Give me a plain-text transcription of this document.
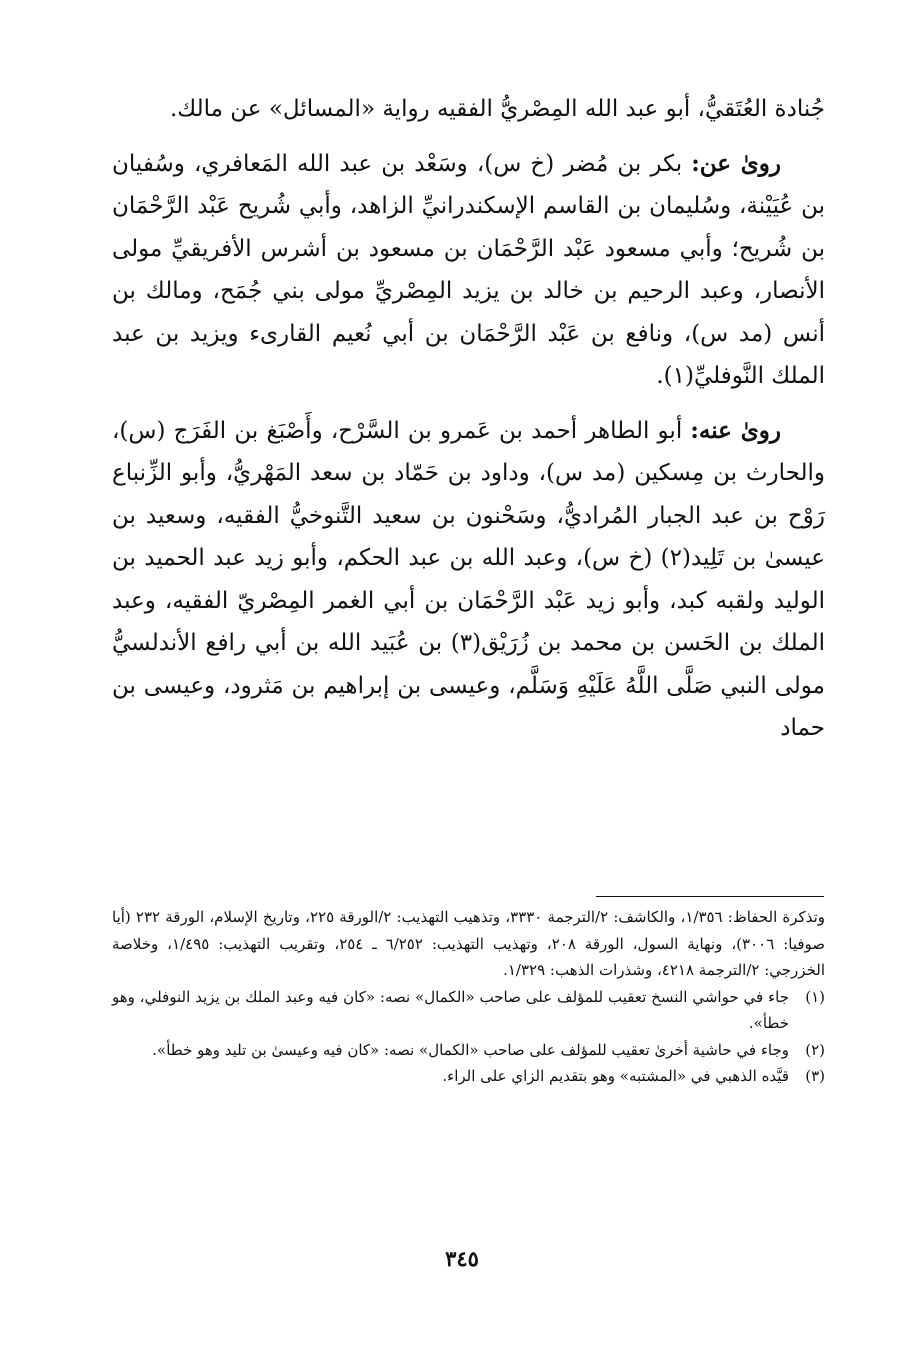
جُنادة العُتَقيُّ، أبو عبد الله المِصْريُّ الفقيه رواية «المسائل» عن مالك.

روىٰ عن: بكر بن مُضر (خ س)، وسَعْد بن عبد الله المَعافري، وسُفيان بن عُيَيْنة، وسُليمان بن القاسم الإسكندرانيِّ الزاهد، وأبي شُريح عَبْد الرَّحْمَان بن شُريح؛ وأبي مسعود عَبْد الرَّحْمَان بن مسعود بن أشرس الأفريقيِّ مولى الأنصار، وعبد الرحيم بن خالد بن يزيد المِصْريِّ مولى بني جُمَح، ومالك بن أنس (مد س)، ونافع بن عَبْد الرَّحْمَان بن أبي نُعيم القارىء ويزيد بن عبد الملك النَّوفليِّ(١).

روىٰ عنه: أبو الطاهر أحمد بن عَمرو بن السَّرْح، وأَصْبَغ بن الفَرَج (س)، والحارث بن مِسكين (مد س)، وداود بن حَمّاد بن سعد المَهْريُّ، وأبو الزِّنباع رَوْح بن عبد الجبار المُراديُّ، وسَحْنون بن سعيد التَّنوخيُّ الفقيه، وسعيد بن عيسىٰ بن تَلِيد(٢) (خ س)، وعبد الله بن عبد الحكم، وأبو زيد عبد الحميد بن الوليد ولقبه كبد، وأبو زيد عَبْد الرَّحْمَان بن أبي الغمر المِصْريّ الفقيه، وعبد الملك بن الحَسن بن محمد بن زُرَيْق(٣) بن عُبَيد الله بن أبي رافع الأندلسيُّ مولى النبي صَلَّى اللَّهُ عَلَيْهِ وَسَلَّم، وعيسى بن إبراهيم بن مَثرود، وعيسى بن حماد

وتذكرة الحفاظ: ١/٣٥٦، والكاشف: ٢/الترجمة ٣٣٣٠، وتذهيب التهذيب: ٢/الورقة ٢٢٥، وتاريخ الإسلام، الورقة ٢٣٢ (أيا صوفيا: ٣٠٠٦)، ونهاية السول، الورقة ٢٠٨، وتهذيب التهذيب: ٦/٢٥٢ ـ ٢٥٤، وتقريب التهذيب: ١/٤٩٥، وخلاصة الخزرجي: ٢/الترجمة ٤٢١٨، وشذرات الذهب: ١/٣٢٩.

(١)
جاء في حواشي النسخ تعقيب للمؤلف على صاحب «الكمال» نصه: «كان فيه وعبد الملك بن يزيد النوفلي، وهو خطأ».
(٢)
وجاء في حاشية أخرىٰ تعقيب للمؤلف على صاحب «الكمال» نصه: «كان فيه وعيسىٰ بن تليد وهو خطأ».
(٣)
قيَّده الذهبي في «المشتبه» وهو بتقديم الزاي على الراء.
٣٤٥
